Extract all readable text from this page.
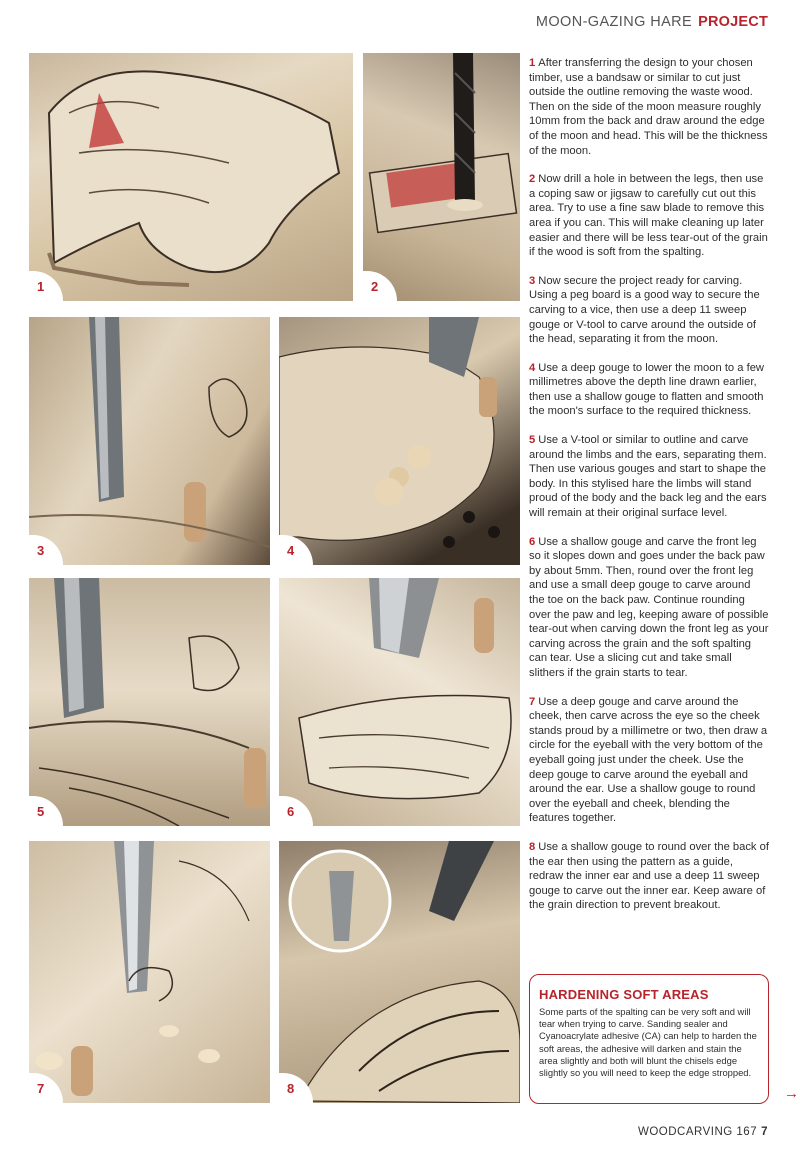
MOON-GAZING HARE PROJECT
1	2
3	4
5	6
7	8

1 After transferring the design to your chosen timber, use a bandsaw or similar to cut just outside the outline removing the waste wood. Then on the side of the moon measure roughly 10mm from the back and draw around the edge of the moon and head. This will be the thickness of the moon.

2 Now drill a hole in between the legs, then use a coping saw or jigsaw to carefully cut out this area. Try to use a fine saw blade to remove this area if you can. This will make cleaning up later easier and there will be less tear-out of the grain if the wood is soft from the spalting.

3 Now secure the project ready for carving. Using a peg board is a good way to secure the carving to a vice, then use a deep 11 sweep gouge or V-tool to carve around the outside of the head, separating it from the moon.

4 Use a deep gouge to lower the moon to a few millimetres above the depth line drawn earlier, then use a shallow gouge to flatten and smooth the moon's surface to the required thickness.

5 Use a V-tool or similar to outline and carve around the limbs and the ears, separating them. Then use various gouges and start to shape the body. In this stylised hare the limbs will stand proud of the body and the back leg and the ears will remain at their original surface level.

6 Use a shallow gouge and carve the front leg so it slopes down and goes under the back paw by about 5mm. Then, round over the front leg and use a small deep gouge to carve around the toe on the back paw. Continue rounding over the paw and leg, keeping aware of possible tear-out when carving down the front leg as your carving across the grain and the soft spalting can tear. Use a slicing cut and take small slithers if the grain starts to tear.

7 Use a deep gouge and carve around the cheek, then carve across the eye so the cheek stands proud by a millimetre or two, then draw a circle for the eyeball with the very bottom of the eyeball going just under the cheek. Use the deep gouge to carve around the eyeball and around the ear. Use a shallow gouge to round over the eyeball and cheek, blending the features together.

8 Use a shallow gouge to round over the back of the ear then using the pattern as a guide, redraw the inner ear and use a deep 11 sweep gouge to carve out the inner ear. Keep aware of the grain direction to prevent breakout.

HARDENING SOFT AREAS

Some parts of the spalting can be very soft and will tear when trying to carve. Sanding sealer and Cyanoacrylate adhesive (CA) can help to harden the soft areas, the adhesive will darken and stain the area slightly and both will blunt the chisels edge slightly so you will need to keep the edge stropped.

→
WOODCARVING 167 7
